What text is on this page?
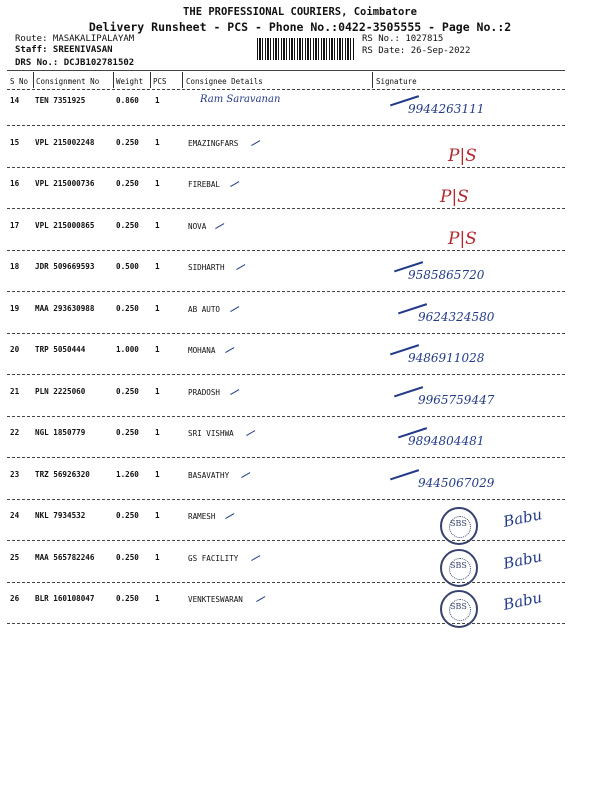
THE PROFESSIONAL COURIERS, Coimbatore
Delivery Runsheet - PCS - Phone No.:0422-3505555 - Page No.:2
Route: MASAKALIPALAYAM
Staff: SREENIVASAN
DRS No.: DCJB102781502
RS No.: 1027815
RS Date: 26-Sep-2022
S No Consignment No Weight PCS	Consignee Details	Signature
14 TEN 7351925	0.860 1	Ram Saravanan
9944263111
15 VPL 215002248	0.250 1	EMAZINGFARS
P|S
16 VPL 215000736	0.250 1	FIREBAL
P|S
17 VPL 215000865	0.250 1	NOVA
P|S
18 JDR 509669593	0.500 1	SIDHARTH
9585865720
19 MAA 293630988	0.250 1	AB AUTO
9624324580
20 TRP 5050444	1.000 1	MOHANA
9486911028
21 PLN 2225060	0.250 1	PRADOSH
9965759447
22 NGL 1850779	0.250 1	SRI VISHWA
9894804481
23 TRZ 56926320	1.260 1	BASAVATHY
9445067029
24 NKL 7934532	0.250 1	RAMESH
SBS Babu
25 MAA 565782246	0.250 1	GS FACILITY
SBS Babu
26 BLR 160108047	0.250 1	VENKTESWARAN
SBS Babu
